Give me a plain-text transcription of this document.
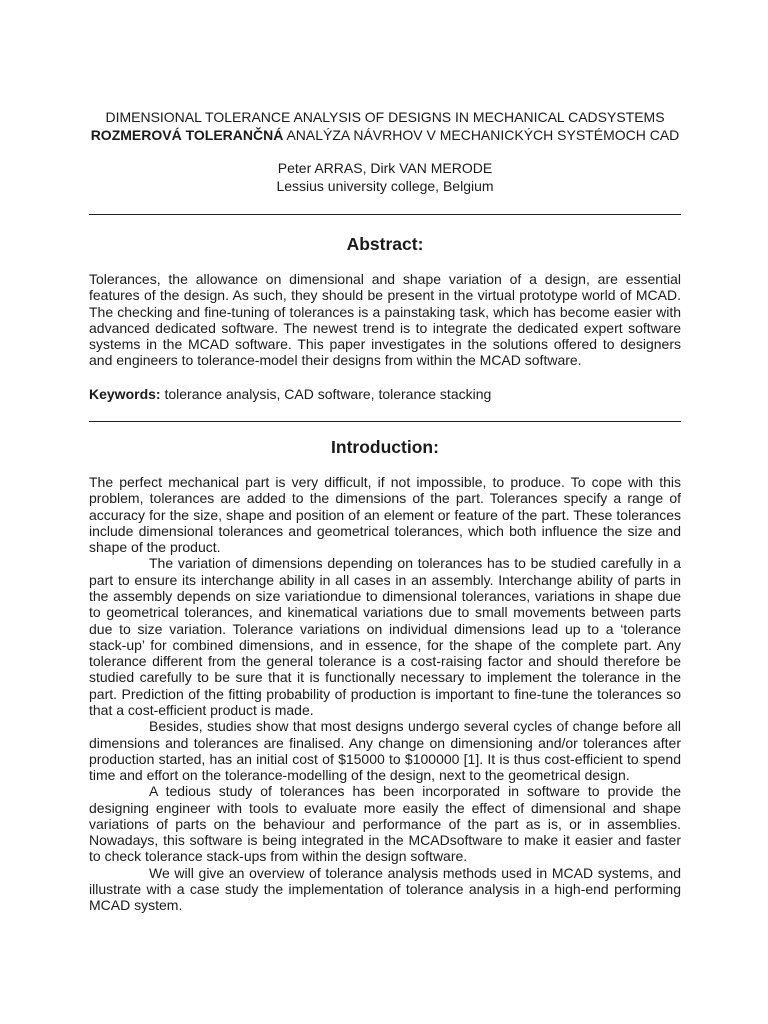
DIMENSIONAL TOLERANCE ANALYSIS OF DESIGNS IN MECHANICAL CADSYSTEMS
ROZMEROVÁ TOLERANČNÁ ANALÝZA NÁVRHOV V MECHANICKÝCH SYSTÉMOCH CAD
Peter ARRAS, Dirk VAN MERODE
Lessius university college, Belgium
Abstract:
Tolerances, the allowance on dimensional and shape variation of a design, are essential features of the design. As such, they should be present in the virtual prototype world of MCAD. The checking and fine-tuning of tolerances is a painstaking task, which has become easier with advanced dedicated software. The newest trend is to integrate the dedicated expert software systems in the MCAD software. This paper investigates in the solutions offered to designers and engineers to tolerance-model their designs from within the MCAD software.
Keywords: tolerance analysis, CAD software, tolerance stacking
Introduction:

The perfect mechanical part is very difficult, if not impossible, to produce. To cope with this problem, tolerances are added to the dimensions of the part. Tolerances specify a range of accuracy for the size, shape and position of an element or feature of the part. These tolerances include dimensional tolerances and geometrical tolerances, which both influence the size and shape of the product.

The variation of dimensions depending on tolerances has to be studied carefully in a part to ensure its interchange ability in all cases in an assembly. Interchange ability of parts in the assembly depends on size variationdue to dimensional tolerances, variations in shape due to geometrical tolerances, and kinematical variations due to small movements between parts due to size variation. Tolerance variations on individual dimensions lead up to a ‘tolerance stack-up’ for combined dimensions, and in essence, for the shape of the complete part. Any tolerance different from the general tolerance is a cost-raising factor and should therefore be studied carefully to be sure that it is functionally necessary to implement the tolerance in the part. Prediction of the fitting probability of production is important to fine-tune the tolerances so that a cost-efficient product is made.

Besides, studies show that most designs undergo several cycles of change before all dimensions and tolerances are finalised. Any change on dimensioning and/or tolerances after production started, has an initial cost of $15000 to $100000 [1]. It is thus cost-efficient to spend time and effort on the tolerance-modelling of the design, next to the geometrical design.

A tedious study of tolerances has been incorporated in software to provide the designing engineer with tools to evaluate more easily the effect of dimensional and shape variations of parts on the behaviour and performance of the part as is, or in assemblies. Nowadays, this software is being integrated in the MCADsoftware to make it easier and faster to check tolerance stack-ups from within the design software.

We will give an overview of tolerance analysis methods used in MCAD systems, and illustrate with a case study the implementation of tolerance analysis in a high-end performing MCAD system.
